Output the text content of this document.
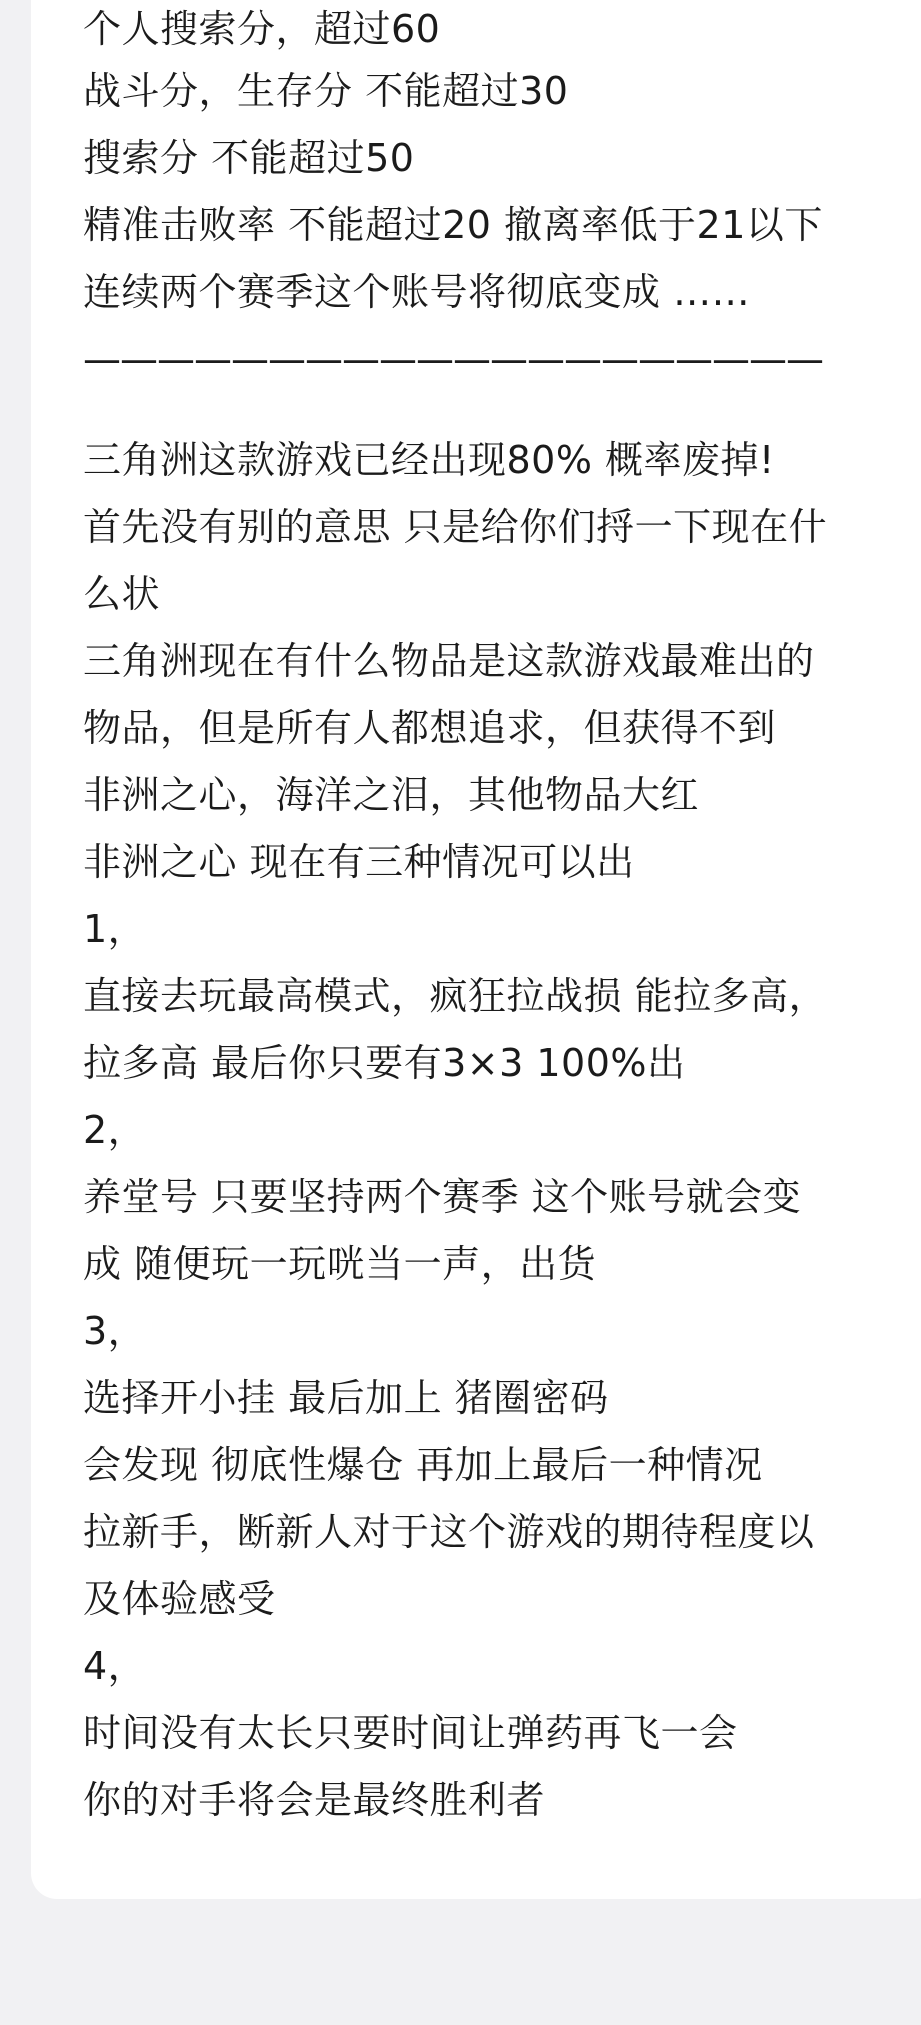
个人搜索分，超过60
战斗分，生存分 不能超过30
搜索分 不能超过50
精准击败率 不能超过20 撤离率低于21以下
连续两个赛季这个账号将彻底变成 ……
————————————————————
三角洲这款游戏已经出现80% 概率废掉!
首先没有别的意思 只是给你们捋一下现在什
么状
三角洲现在有什么物品是这款游戏最难出的
物品，但是所有人都想追求，但获得不到
非洲之心，海洋之泪，其他物品大红
非洲之心 现在有三种情况可以出
1，
直接去玩最高模式，疯狂拉战损 能拉多高，
拉多高 最后你只要有3×3 100%出
2，
养堂号 只要坚持两个赛季 这个账号就会变
成 随便玩一玩咣当一声，出货
3，
选择开小挂 最后加上 猪圈密码
会发现 彻底性爆仓 再加上最后一种情况
拉新手，断新人对于这个游戏的期待程度以
及体验感受
4，
时间没有太长只要时间让弹药再飞一会
你的对手将会是最终胜利者
